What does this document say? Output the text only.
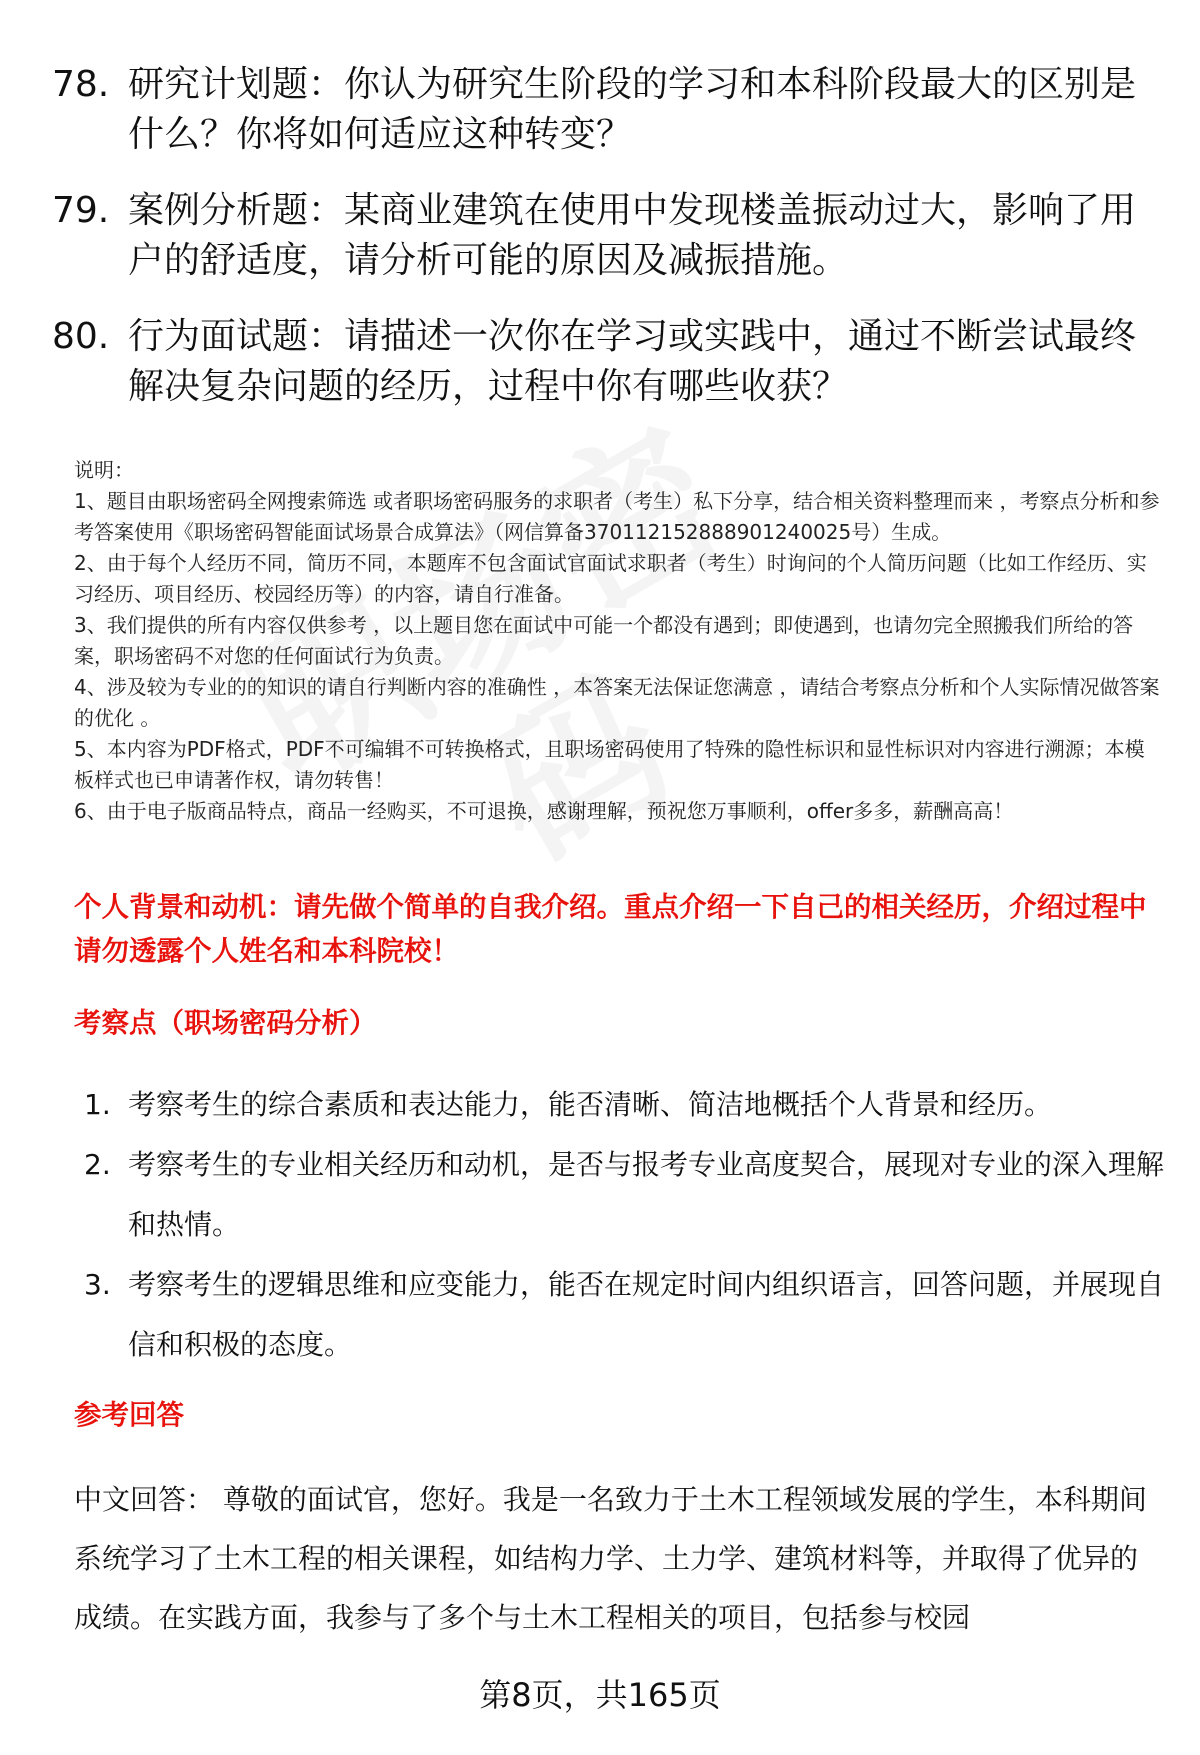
78. 研究计划题：你认为研究生阶段的学习和本科阶段最大的区别是什么？你将如何适应这种转变？
79. 案例分析题：某商业建筑在使用中发现楼盖振动过大，影响了用户的舒适度，请分析可能的原因及减振措施。
80. 行为面试题：请描述一次你在学习或实践中，通过不断尝试最终解决复杂问题的经历，过程中你有哪些收获？
说明：
1、题目由职场密码全网搜索筛选 或者职场密码服务的求职者（考生）私下分享，结合相关资料整理而来 ，考察点分析和参考答案使用《职场密码智能面试场景合成算法》（网信算备370112152888901240025号）生成。
2、由于每个人经历不同，简历不同，本题库不包含面试官面试求职者（考生）时询问的个人简历问题（比如工作经历、实习经历、项目经历、校园经历等）的内容，请自行准备。
3、我们提供的所有内容仅供参考 ，以上题目您在面试中可能一个都没有遇到；即使遇到，也请勿完全照搬我们所给的答案，职场密码不对您的任何面试行为负责。
4、涉及较为专业的的知识的请自行判断内容的准确性 ，本答案无法保证您满意 ，请结合考察点分析和个人实际情况做答案的优化 。
5、本内容为PDF格式，PDF不可编辑不可转换格式，且职场密码使用了特殊的隐性标识和显性标识对内容进行溯源；本模板样式也已申请著作权，请勿转售！
6、由于电子版商品特点，商品一经购买，不可退换，感谢理解，预祝您万事顺利，offer多多，薪酬高高！
个人背景和动机：请先做个简单的自我介绍。重点介绍一下自己的相关经历，介绍过程中请勿透露个人姓名和本科院校！
考察点（职场密码分析）
1. 考察考生的综合素质和表达能力，能否清晰、简洁地概括个人背景和经历。
2. 考察考生的专业相关经历和动机，是否与报考专业高度契合，展现对专业的深入理解和热情。
3. 考察考生的逻辑思维和应变能力，能否在规定时间内组织语言，回答问题，并展现自信和积极的态度。
参考回答
中文回答： 尊敬的面试官，您好。我是一名致力于土木工程领域发展的学生，本科期间系统学习了土木工程的相关课程，如结构力学、土力学、建筑材料等，并取得了优异的成绩。在实践方面，我参与了多个与土木工程相关的项目，包括参与校园
第8页，共165页
